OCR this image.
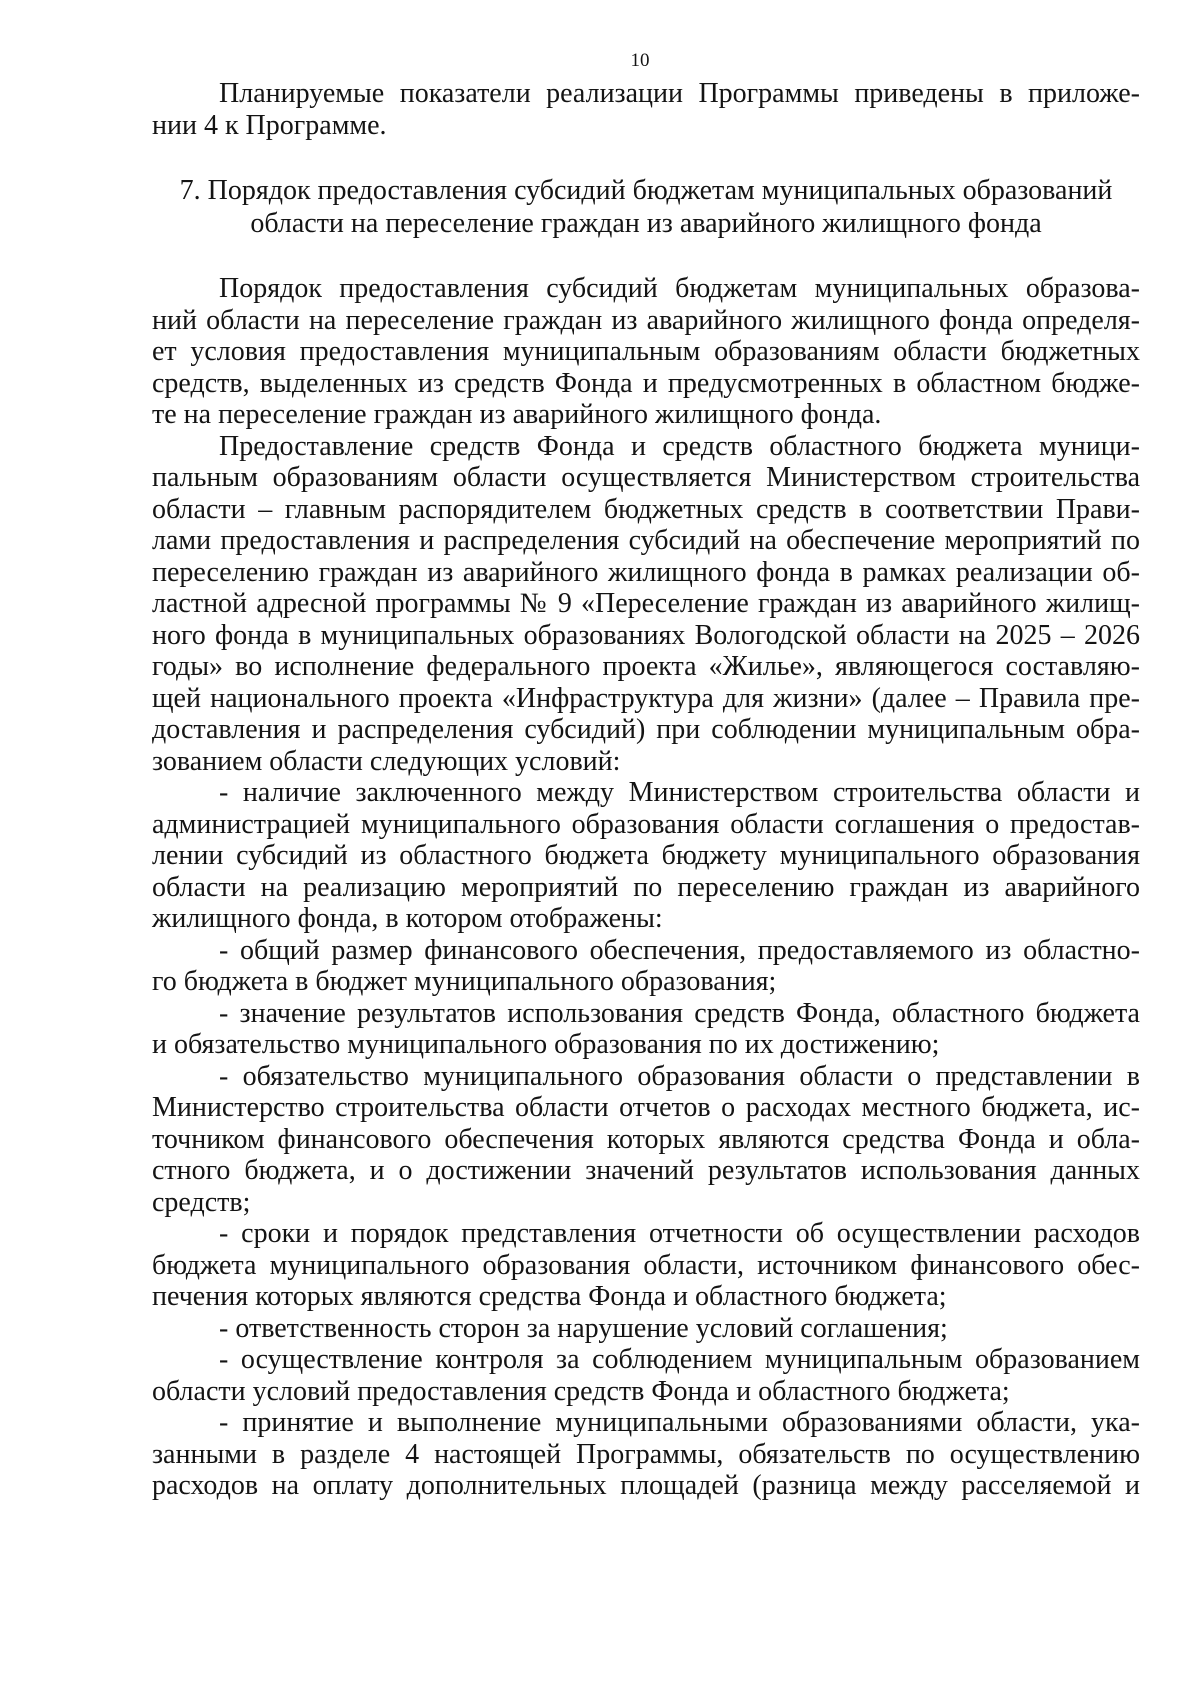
10
Планируемые показатели реализации Программы приведены в приложе-
нии 4 к Программе.
7. Порядок предоставления субсидий бюджетам муниципальных образований
области на переселение граждан из аварийного жилищного фонда
Порядок предоставления субсидий бюджетам муниципальных образова-
ний области на переселение граждан из аварийного жилищного фонда определя-
ет условия предоставления муниципальным образованиям области бюджетных
средств, выделенных из средств Фонда и предусмотренных в областном бюдже-
те на переселение граждан из аварийного жилищного фонда.
Предоставление средств Фонда и средств областного бюджета муници-
пальным образованиям области осуществляется Министерством строительства
области – главным распорядителем бюджетных средств в соответствии Прави-
лами предоставления и распределения субсидий на обеспечение мероприятий по
переселению граждан из аварийного жилищного фонда в рамках реализации об-
ластной адресной программы № 9 «Переселение граждан из аварийного жилищ-
ного фонда в муниципальных образованиях Вологодской области на 2025 – 2026
годы» во исполнение федерального проекта «Жилье», являющегося составляю-
щей национального проекта «Инфраструктура для жизни» (далее – Правила пре-
доставления и распределения субсидий) при соблюдении муниципальным обра-
зованием области следующих условий:
- наличие заключенного между Министерством строительства области и
администрацией муниципального образования области соглашения о предостав-
лении субсидий из областного бюджета бюджету муниципального образования
области на реализацию мероприятий по переселению граждан из аварийного
жилищного фонда, в котором отображены:
- общий размер финансового обеспечения, предоставляемого из областно-
го бюджета в бюджет муниципального образования;
- значение результатов использования средств Фонда, областного бюджета
и обязательство муниципального образования по их достижению;
- обязательство муниципального образования области о представлении в
Министерство строительства области отчетов о расходах местного бюджета, ис-
точником финансового обеспечения которых являются средства Фонда и обла-
стного бюджета, и о достижении значений результатов использования данных
средств;
- сроки и порядок представления отчетности об осуществлении расходов
бюджета муниципального образования области, источником финансового обес-
печения которых являются средства Фонда и областного бюджета;
- ответственность сторон за нарушение условий соглашения;
- осуществление контроля за соблюдением муниципальным образованием
области условий предоставления средств Фонда и областного бюджета;
- принятие и выполнение муниципальными образованиями области, ука-
занными в разделе 4 настоящей Программы, обязательств по осуществлению
расходов на оплату дополнительных площадей (разница между расселяемой и
